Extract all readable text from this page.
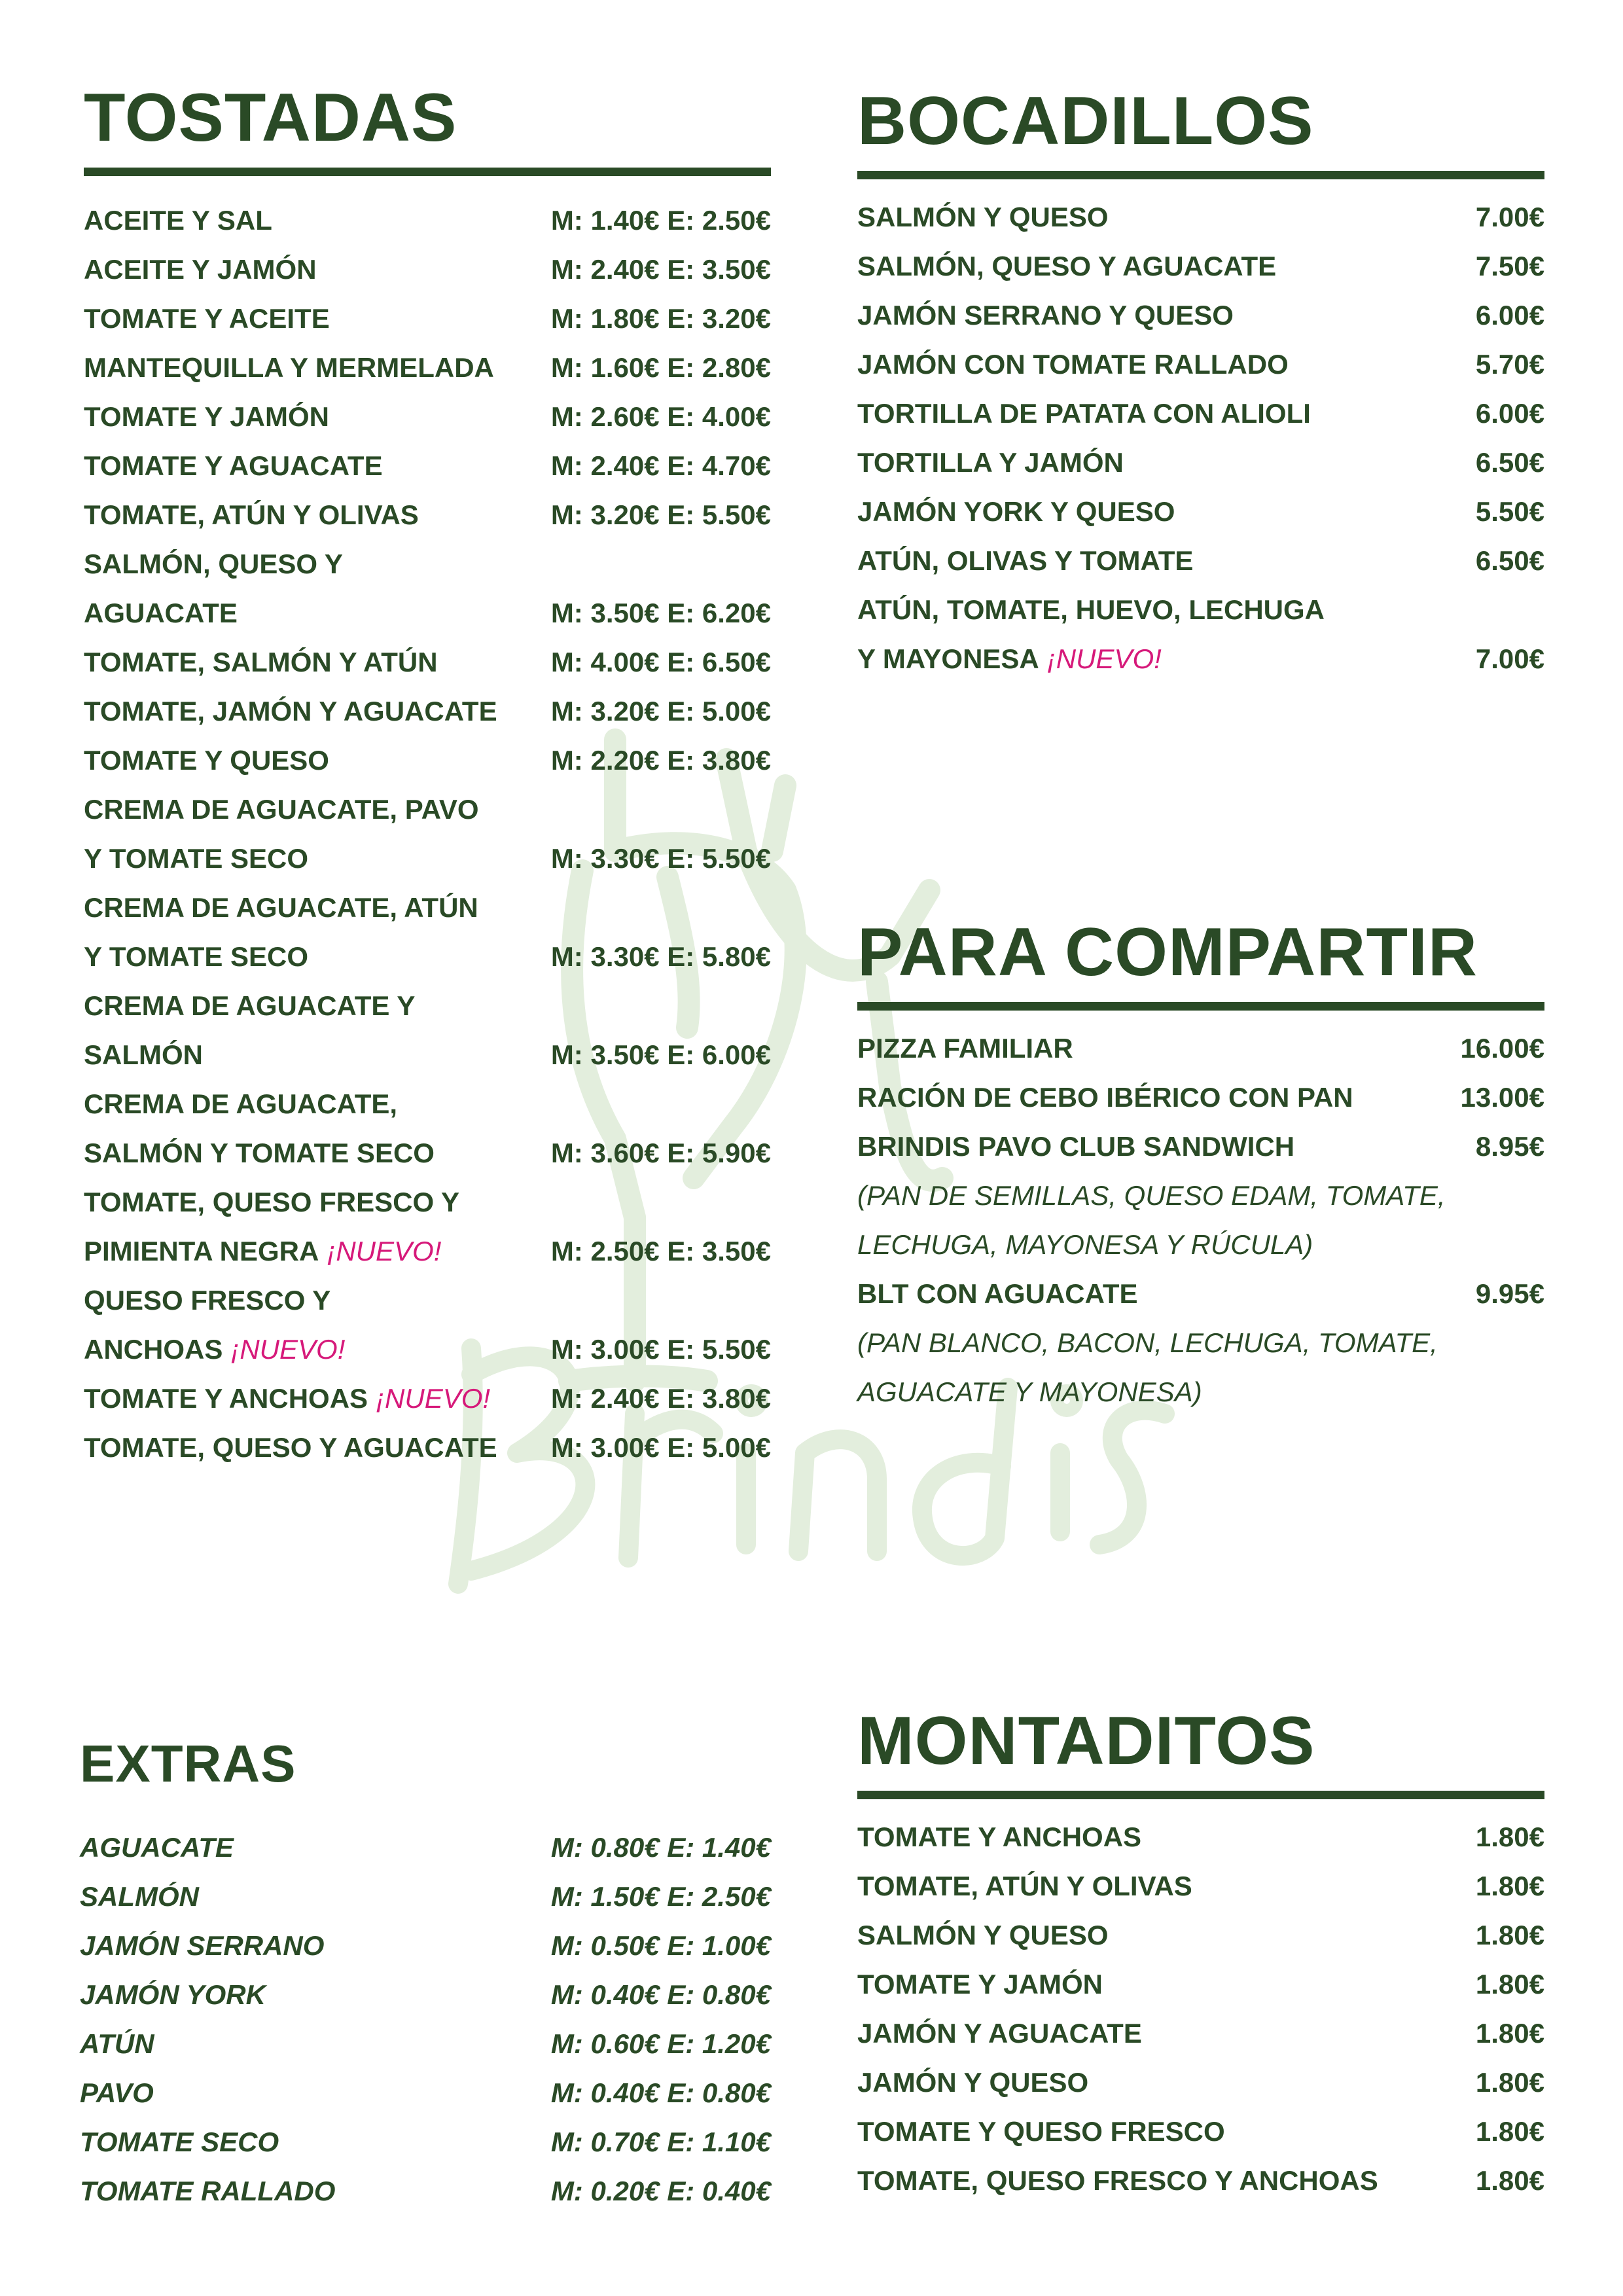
TOSTADAS
ACEITE Y SAL	M: 1.40€ E: 2.50€
ACEITE Y JAMÓN	M: 2.40€ E: 3.50€
TOMATE Y ACEITE	M: 1.80€ E: 3.20€
MANTEQUILLA Y MERMELADA M: 1.60€ E: 2.80€
TOMATE Y JAMÓN	M: 2.60€ E: 4.00€
TOMATE Y AGUACATE	M: 2.40€ E: 4.70€
TOMATE, ATÚN Y OLIVAS	M: 3.20€ E: 5.50€
SALMÓN, QUESO Y
AGUACATE	M: 3.50€ E: 6.20€
TOMATE, SALMÓN Y ATÚN	M: 4.00€ E: 6.50€
TOMATE, JAMÓN Y AGUACATE M: 3.20€ E: 5.00€
TOMATE Y QUESO	M: 2.20€ E: 3.80€
CREMA DE AGUACATE, PAVO
Y TOMATE SECO	M: 3.30€ E: 5.50€
CREMA DE AGUACATE, ATÚN
Y TOMATE SECO	M: 3.30€ E: 5.80€
CREMA DE AGUACATE Y
SALMÓN	M: 3.50€ E: 6.00€
CREMA DE AGUACATE,
SALMÓN Y TOMATE SECO	M: 3.60€ E: 5.90€
TOMATE, QUESO FRESCO Y
PIMIENTA NEGRA ¡NUEVO!	M: 2.50€ E: 3.50€
QUESO FRESCO Y
ANCHOAS ¡NUEVO!	M: 3.00€ E: 5.50€
TOMATE Y ANCHOAS ¡NUEVO! M: 2.40€ E: 3.80€
TOMATE, QUESO Y AGUACATE M: 3.00€ E: 5.00€
BOCADILLOS
SALMÓN Y QUESO	7.00€
SALMÓN, QUESO Y AGUACATE	7.50€
JAMÓN SERRANO Y QUESO	6.00€
JAMÓN CON TOMATE RALLADO	5.70€
TORTILLA DE PATATA CON ALIOLI	6.00€
TORTILLA Y JAMÓN	6.50€
JAMÓN YORK Y QUESO	5.50€
ATÚN, OLIVAS Y TOMATE	6.50€
ATÚN, TOMATE, HUEVO, LECHUGA
Y MAYONESA ¡NUEVO!	7.00€
PARA COMPARTIR
PIZZA FAMILIAR	16.00€
RACIÓN DE CEBO IBÉRICO CON PAN	13.00€
BRINDIS PAVO CLUB SANDWICH	8.95€
(PAN DE SEMILLAS, QUESO EDAM, TOMATE,
LECHUGA, MAYONESA Y RÚCULA)
BLT CON AGUACATE	9.95€
(PAN BLANCO, BACON, LECHUGA, TOMATE,
AGUACATE Y MAYONESA)
EXTRAS
AGUACATE	M: 0.80€ E: 1.40€
SALMÓN	M: 1.50€ E: 2.50€
JAMÓN SERRANO	M: 0.50€ E: 1.00€
JAMÓN YORK	M: 0.40€ E: 0.80€
ATÚN	M: 0.60€ E: 1.20€
PAVO	M: 0.40€ E: 0.80€
TOMATE SECO	M: 0.70€ E: 1.10€
TOMATE RALLADO	M: 0.20€ E: 0.40€
MONTADITOS
TOMATE Y ANCHOAS	1.80€
TOMATE, ATÚN Y OLIVAS	1.80€
SALMÓN Y QUESO	1.80€
TOMATE Y JAMÓN	1.80€
JAMÓN Y AGUACATE	1.80€
JAMÓN Y QUESO	1.80€
TOMATE Y QUESO FRESCO	1.80€
TOMATE, QUESO FRESCO Y ANCHOAS	1.80€
